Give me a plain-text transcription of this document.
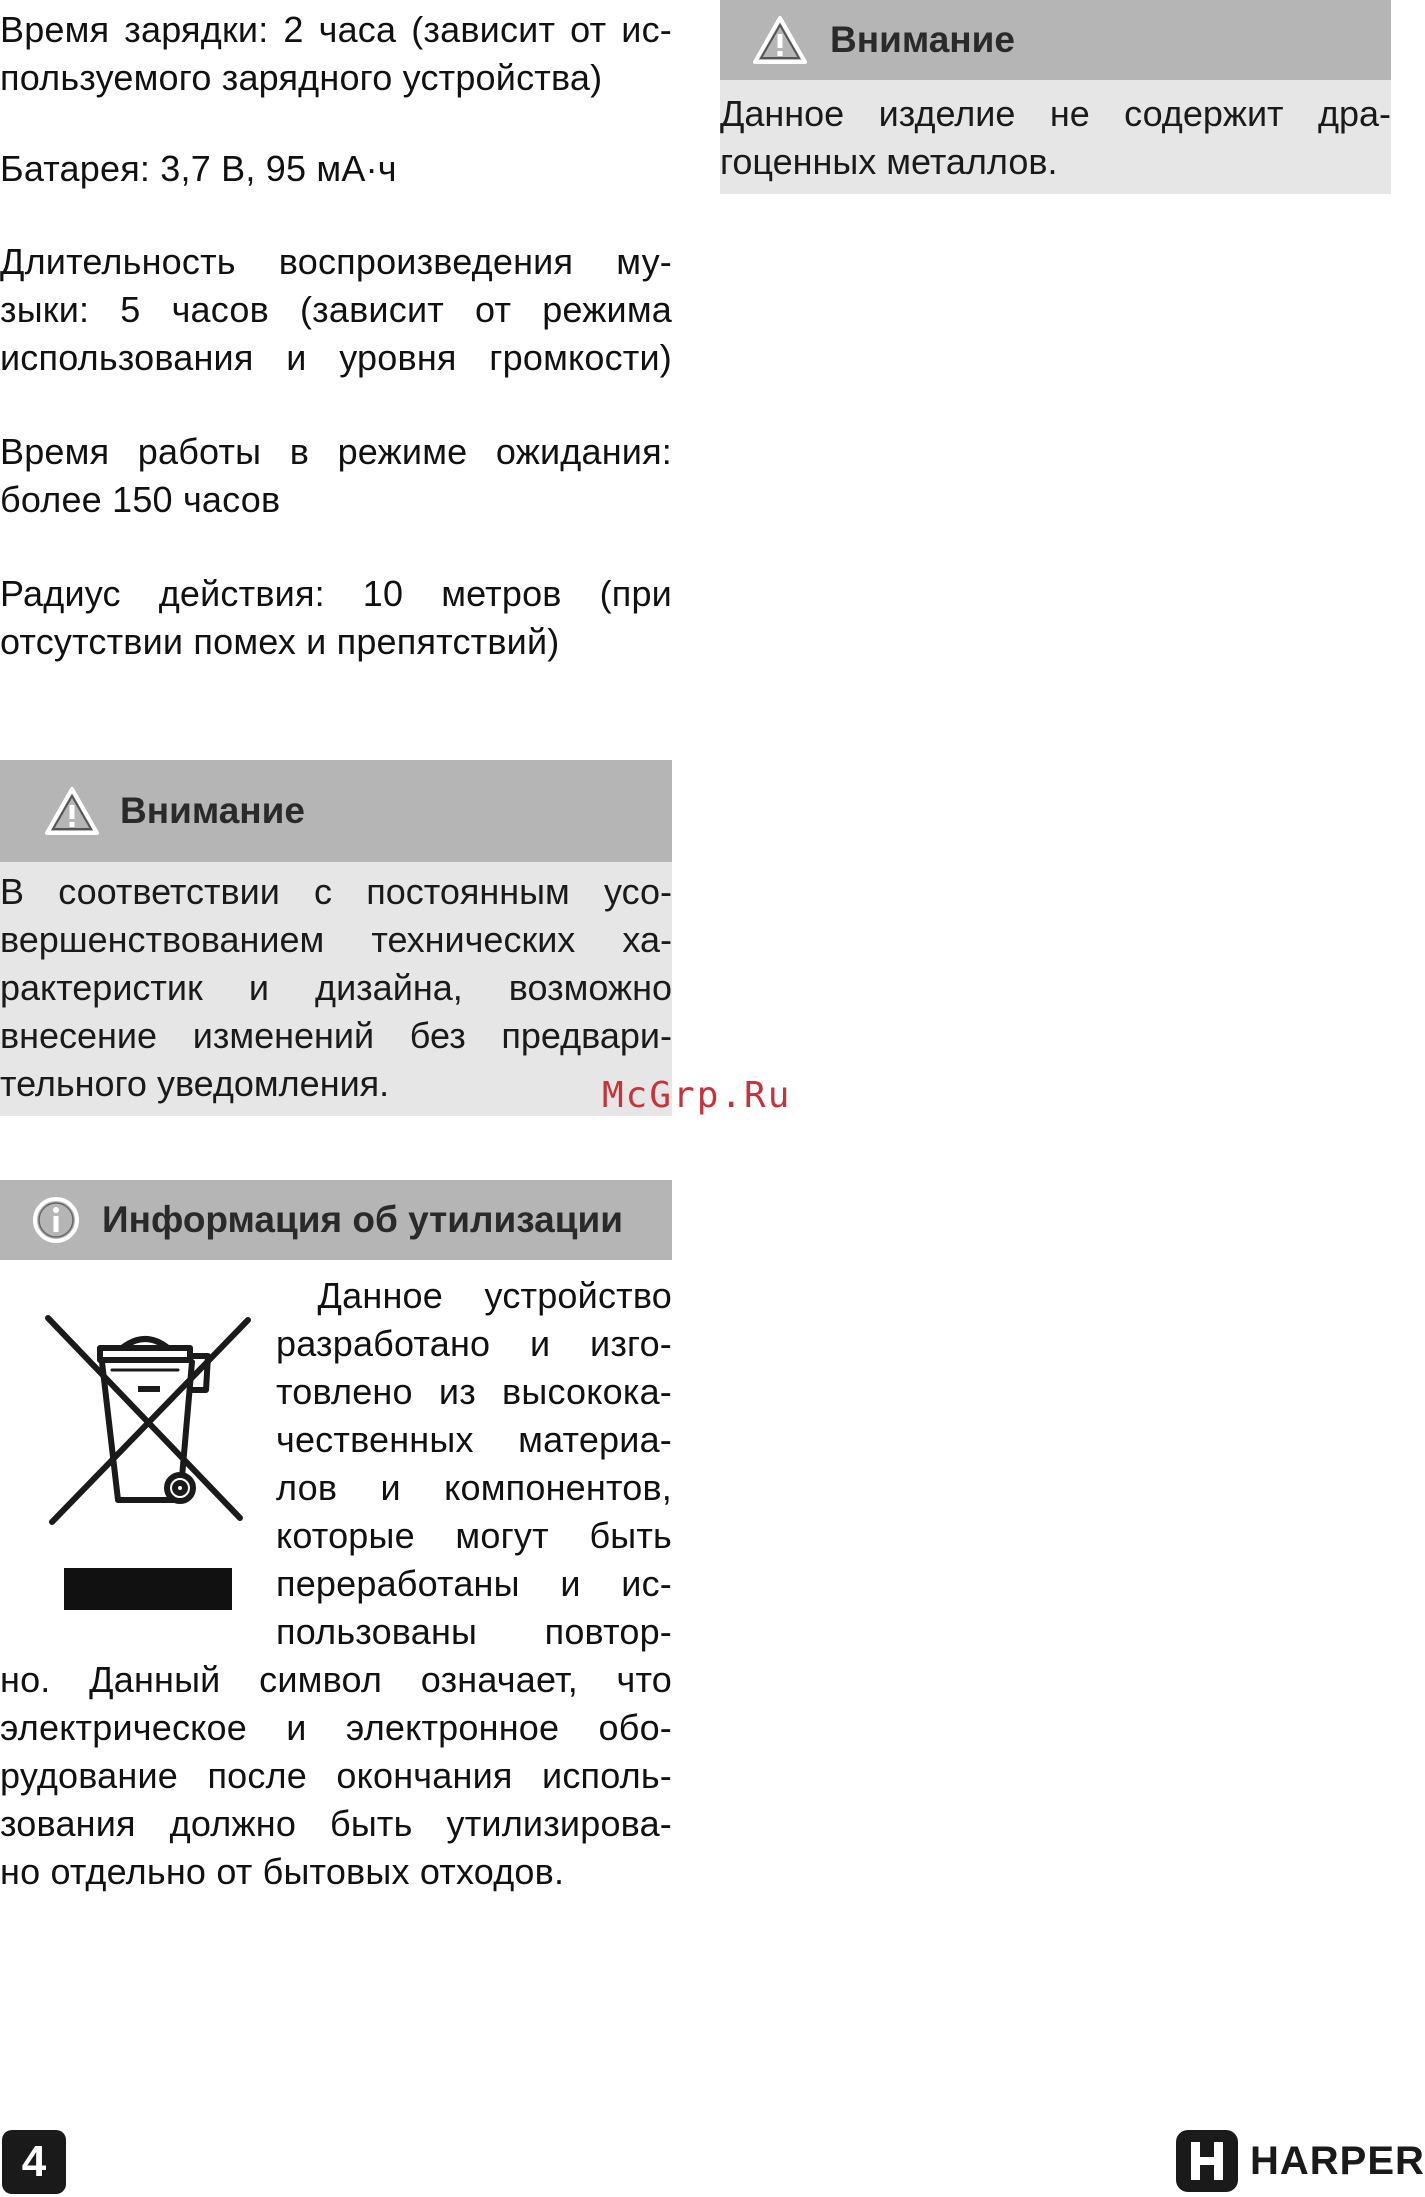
Время зарядки: 2 часа (зависит от ис-
пользуемого зарядного устройства)
Батарея: 3,7 В, 95 мА·ч
Длительность воспроизведения му-
зыки: 5 часов (зависит от режима
использования и уровня громкости)
Время работы в режиме ожидания:
более 150 часов
Радиус действия: 10 метров (при
отсутствии помех и препятствий)
Внимание
В соответствии с постоянным усо-
вершенствованием технических ха-
рактеристик и дизайна, возможно
внесение изменений без предвари-
тельного уведомления.	McGrp.Ru
Информация об утилизации
Данное устройство
разработано и изго-
товлено из высокока-
чественных материа-
лов и компонентов,
которые могут быть
переработаны и ис-
пользованы повтор-
но. Данный символ означает, что
электрическое и электронное обо-
рудование после окончания исполь-
зования должно быть утилизирова-
но отдельно от бытовых отходов.
Внимание
Данное изделие не содержит дра-
гоценных металлов.
4	HARPER
